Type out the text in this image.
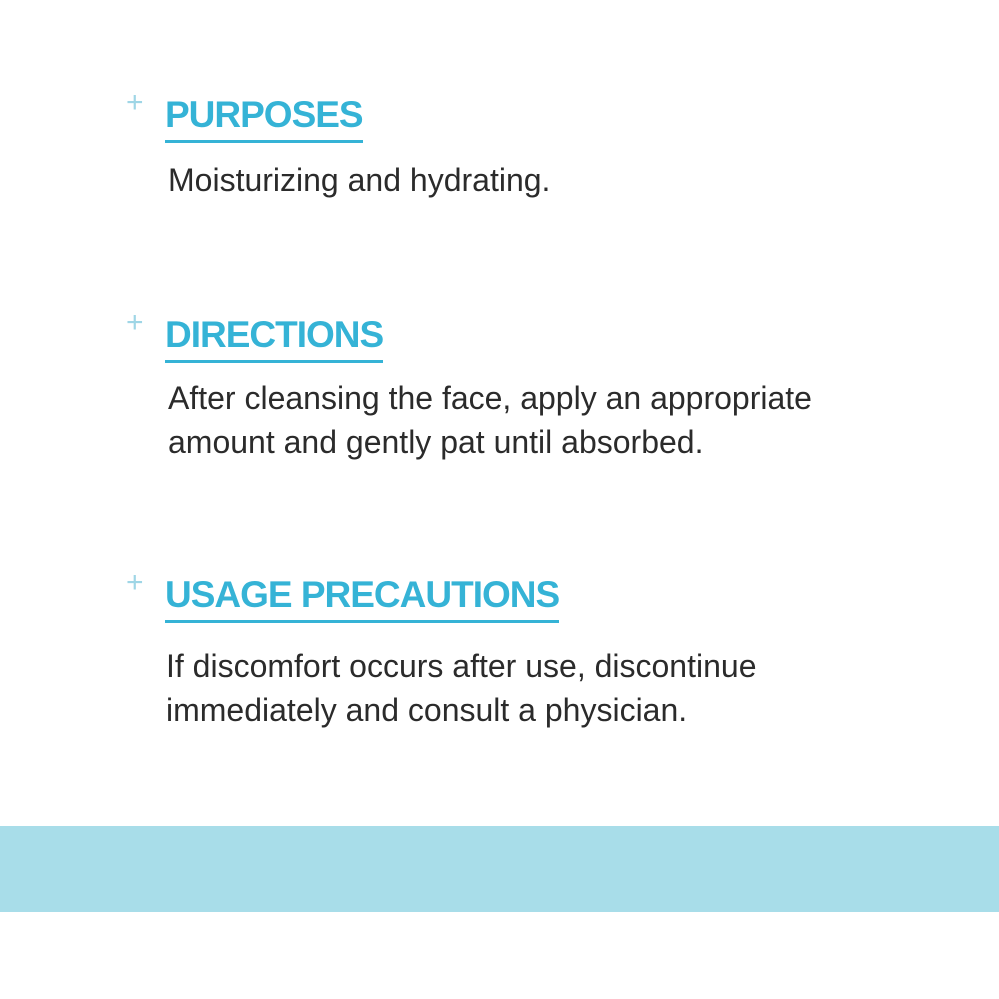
+ PURPOSES

Moisturizing and hydrating.

+ DIRECTIONS

After cleansing the face, apply an appropriate
amount and gently pat until absorbed.

+ USAGE PRECAUTIONS

If discomfort occurs after use, discontinue
immediately and consult a physician.
